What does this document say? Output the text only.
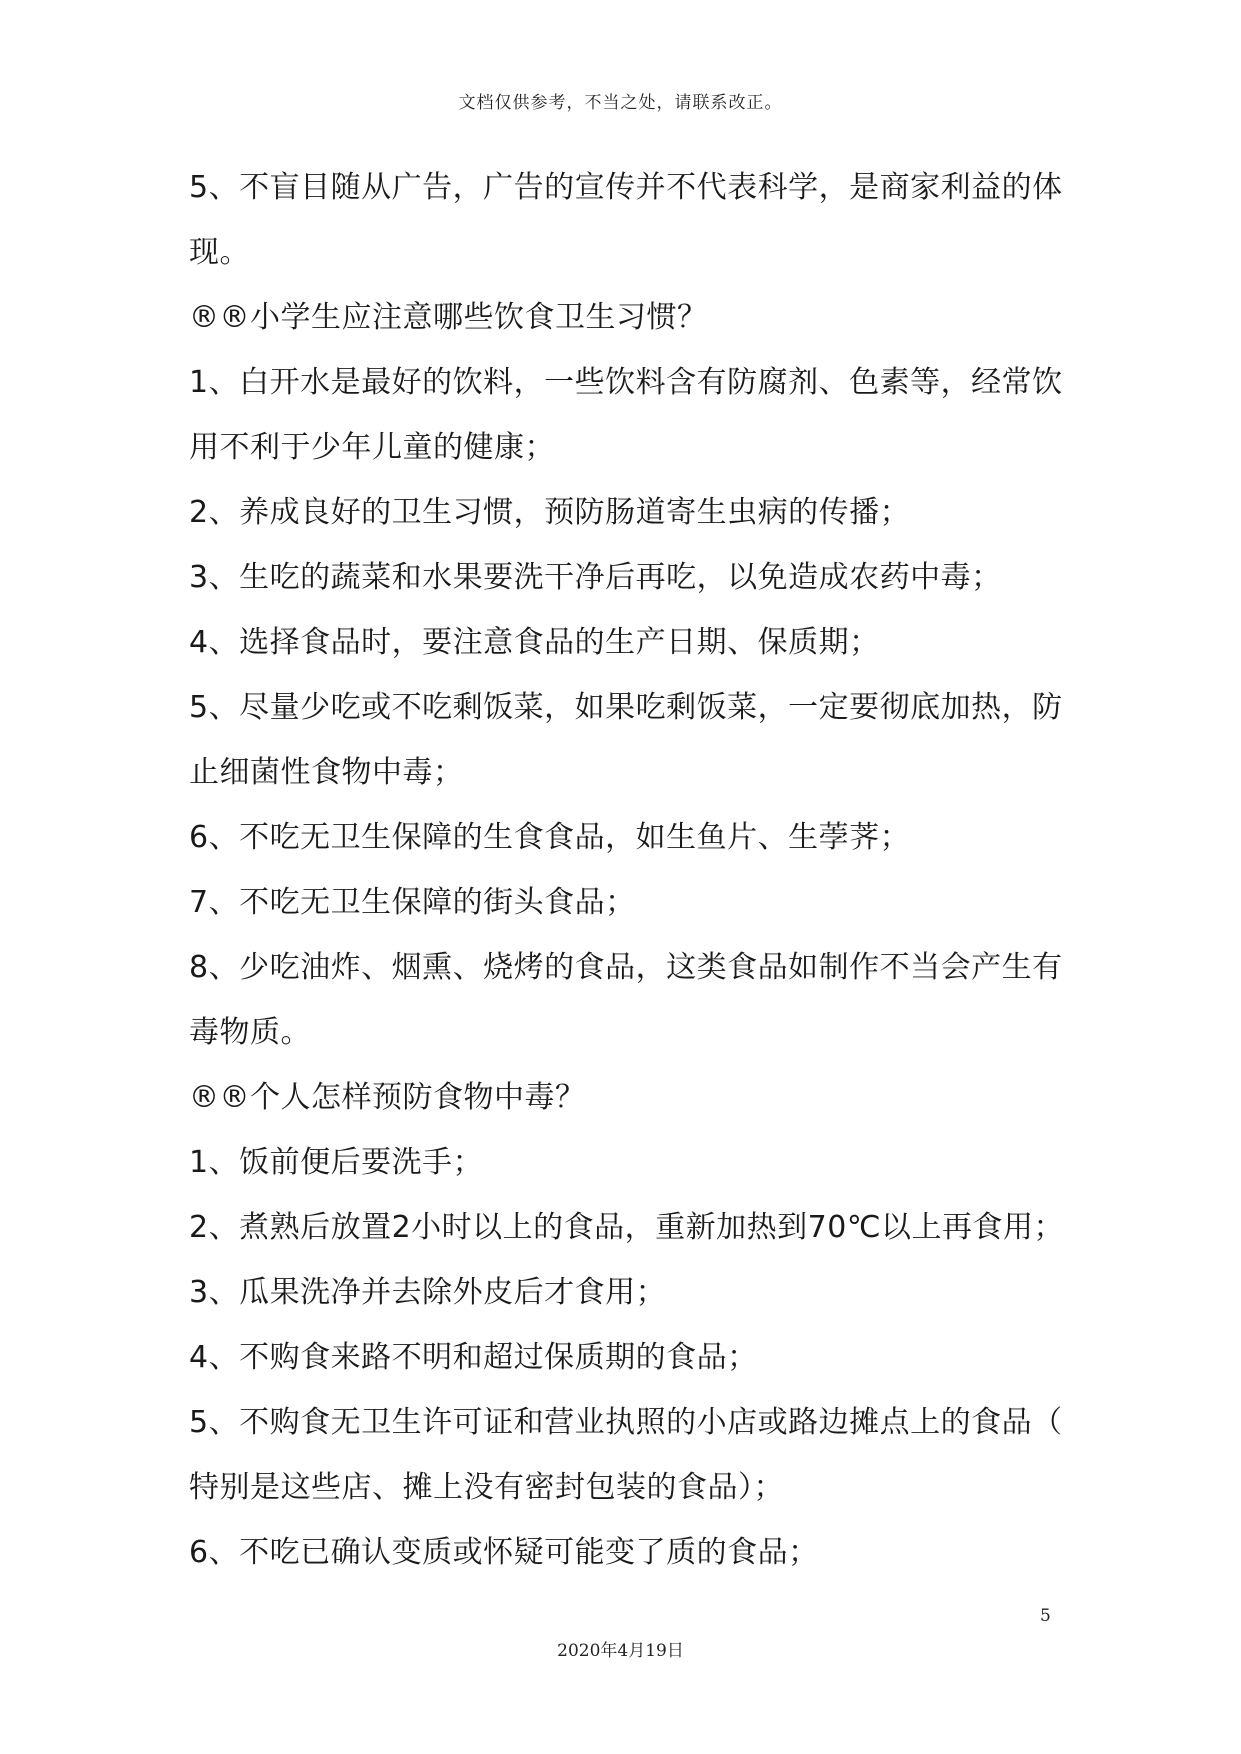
文档仅供参考，不当之处，请联系改正。
5、不盲目随从广告，广告的宣传并不代表科学，是商家利益的体
现。
®®小学生应注意哪些饮食卫生习惯？
1、白开水是最好的饮料，一些饮料含有防腐剂、色素等，经常饮
用不利于少年儿童的健康；
2、养成良好的卫生习惯，预防肠道寄生虫病的传播；
3、生吃的蔬菜和水果要洗干净后再吃，以免造成农药中毒；
4、选择食品时，要注意食品的生产日期、保质期；
5、尽量少吃或不吃剩饭菜，如果吃剩饭菜，一定要彻底加热，防
止细菌性食物中毒；
6、不吃无卫生保障的生食食品，如生鱼片、生荸荠；
7、不吃无卫生保障的街头食品；
8、少吃油炸、烟熏、烧烤的食品，这类食品如制作不当会产生有
毒物质。
®®个人怎样预防食物中毒？
1、饭前便后要洗手；
2、煮熟后放置2小时以上的食品，重新加热到70℃以上再食用；
3、瓜果洗净并去除外皮后才食用；
4、不购食来路不明和超过保质期的食品；
5、不购食无卫生许可证和营业执照的小店或路边摊点上的食品（
特别是这些店、摊上没有密封包装的食品）；
6、不吃已确认变质或怀疑可能变了质的食品；
5
2020年4月19日
